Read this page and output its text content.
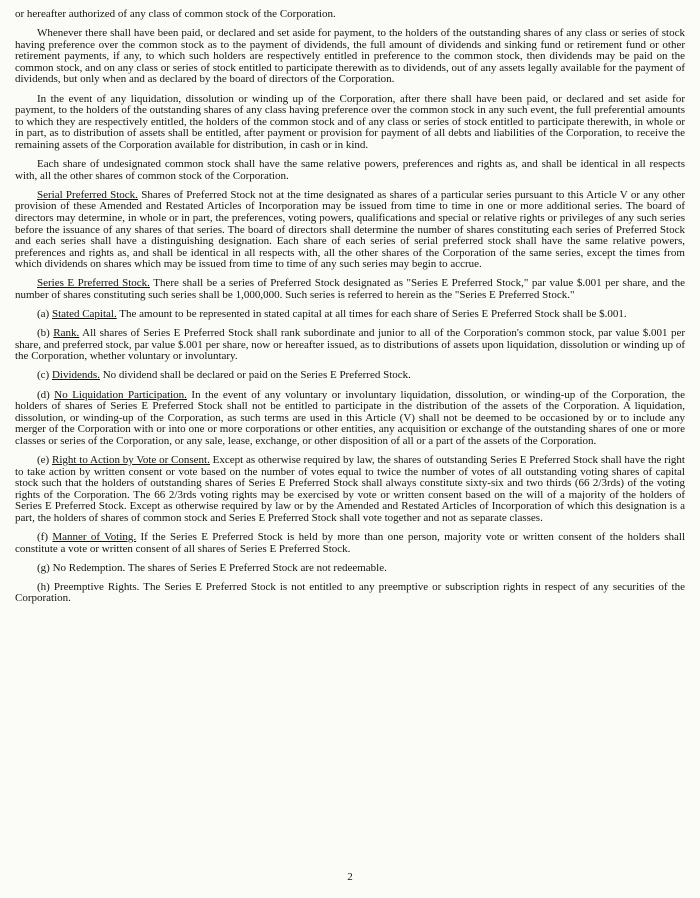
or hereafter authorized of any class of common stock of the Corporation.

Whenever there shall have been paid, or declared and set aside for payment, to the holders of the outstanding shares of any class or series of stock having preference over the common stock as to the payment of dividends, the full amount of dividends and sinking fund or retirement fund or other retirement payments, if any, to which such holders are respectively entitled in preference to the common stock, then dividends may be paid on the common stock, and on any class or series of stock entitled to participate therewith as to dividends, out of any assets legally available for the payment of dividends, but only when and as declared by the board of directors of the Corporation.

In the event of any liquidation, dissolution or winding up of the Corporation, after there shall have been paid, or declared and set aside for payment, to the holders of the outstanding shares of any class having preference over the common stock in any such event, the full preferential amounts to which they are respectively entitled, the holders of the common stock and of any class or series of stock entitled to participate therewith, in whole or in part, as to distribution of assets shall be entitled, after payment or provision for payment of all debts and liabilities of the Corporation, to receive the remaining assets of the Corporation available for distribution, in cash or in kind.

Each share of undesignated common stock shall have the same relative powers, preferences and rights as, and shall be identical in all respects with, all the other shares of common stock of the Corporation.

Serial Preferred Stock. Shares of Preferred Stock not at the time designated as shares of a particular series pursuant to this Article V or any other provision of these Amended and Restated Articles of Incorporation may be issued from time to time in one or more additional series. The board of directors may determine, in whole or in part, the preferences, voting powers, qualifications and special or relative rights or privileges of any such series before the issuance of any shares of that series. The board of directors shall determine the number of shares constituting each series of Preferred Stock and each series shall have a distinguishing designation. Each share of each series of serial preferred stock shall have the same relative powers, preferences and rights as, and shall be identical in all respects with, all the other shares of the Corporation of the same series, except the times from which dividends on shares which may be issued from time to time of any such series may begin to accrue.

Series E Preferred Stock. There shall be a series of Preferred Stock designated as "Series E Preferred Stock," par value $.001 per share, and the number of shares constituting such series shall be 1,000,000. Such series is referred to herein as the "Series E Preferred Stock."

(a) Stated Capital. The amount to be represented in stated capital at all times for each share of Series E Preferred Stock shall be $.001.

(b) Rank. All shares of Series E Preferred Stock shall rank subordinate and junior to all of the Corporation's common stock, par value $.001 per share, and preferred stock, par value $.001 per share, now or hereafter issued, as to distributions of assets upon liquidation, dissolution or winding up of the Corporation, whether voluntary or involuntary.

(c) Dividends. No dividend shall be declared or paid on the Series E Preferred Stock.

(d) No Liquidation Participation. In the event of any voluntary or involuntary liquidation, dissolution, or winding-up of the Corporation, the holders of shares of Series E Preferred Stock shall not be entitled to participate in the distribution of the assets of the Corporation. A liquidation, dissolution, or winding-up of the Corporation, as such terms are used in this Article (V) shall not be deemed to be occasioned by or to include any merger of the Corporation with or into one or more corporations or other entities, any acquisition or exchange of the outstanding shares of one or more classes or series of the Corporation, or any sale, lease, exchange, or other disposition of all or a part of the assets of the Corporation.

(e) Right to Action by Vote or Consent. Except as otherwise required by law, the shares of outstanding Series E Preferred Stock shall have the right to take action by written consent or vote based on the number of votes equal to twice the number of votes of all outstanding voting shares of capital stock such that the holders of outstanding shares of Series E Preferred Stock shall always constitute sixty-six and two thirds (66 2/3rds) of the voting rights of the Corporation. The 66 2/3rds voting rights may be exercised by vote or written consent based on the will of a majority of the holders of Series E Preferred Stock. Except as otherwise required by law or by the Amended and Restated Articles of Incorporation of which this designation is a part, the holders of shares of common stock and Series E Preferred Stock shall vote together and not as separate classes.

(f) Manner of Voting. If the Series E Preferred Stock is held by more than one person, majority vote or written consent of the holders shall constitute a vote or written consent of all shares of Series E Preferred Stock.

(g) No Redemption. The shares of Series E Preferred Stock are not redeemable.

(h) Preemptive Rights. The Series E Preferred Stock is not entitled to any preemptive or subscription rights in respect of any securities of the Corporation.

2
